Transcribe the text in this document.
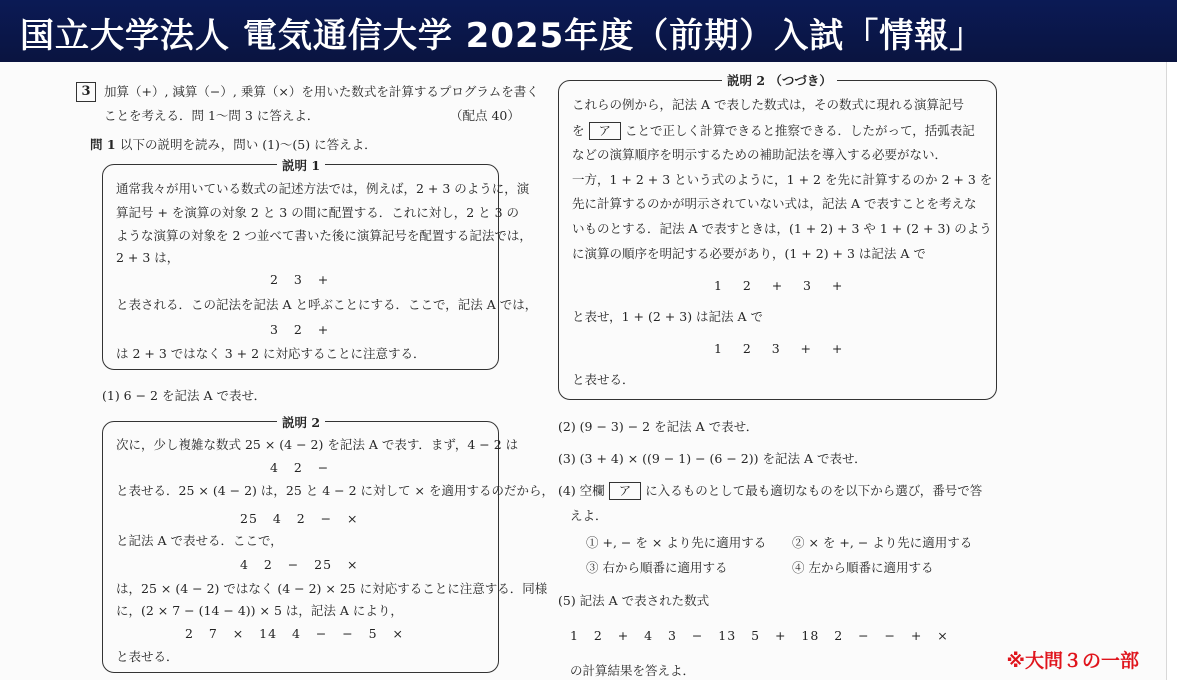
国立大学法人 電気通信大学 2025年度（前期）入試「情報」
3	加算（+）, 減算（−）, 乗算（×）を用いた数式を計算するプログラムを書く
ことを考える．問 1〜問 3 に答えよ．	（配点 40）
問 1 以下の説明を読み，問い (1)〜(5) に答えよ．
説明 1
通常我々が用いている数式の記述方法では，例えば，2 + 3 のように，演
算記号 + を演算の対象 2 と 3 の間に配置する．これに対し，2 と 3 の
ような演算の対象を 2 つ並べて書いた後に演算記号を配置する記法では，
2 + 3 は，
2   3   +
と表される．この記法を記法 A と呼ぶことにする．ここで，記法 A では，
3   2   +
は 2 + 3 ではなく 3 + 2 に対応することに注意する．
(1) 6 − 2 を記法 A で表せ．
説明 2
次に，少し複雑な数式 25 × (4 − 2) を記法 A で表す．まず，4 − 2 は
4   2   −
と表せる．25 × (4 − 2) は，25 と 4 − 2 に対して × を適用するのだから，
25   4   2   −   ×
と記法 A で表せる．ここで，
4   2   −   25   ×
は，25 × (4 − 2) ではなく (4 − 2) × 25 に対応することに注意する．同様
に，(2 × 7 − (14 − 4)) × 5 は，記法 A により，
2   7   ×   14   4   −   −   5   ×
と表せる．
説明 2 （つづき）
これらの例から，記法 A で表した数式は，その数式に現れる演算記号
を ア ことで正しく計算できると推察できる．したがって，括弧表記
などの演算順序を明示するための補助記法を導入する必要がない．
一方，1 + 2 + 3 という式のように，1 + 2 を先に計算するのか 2 + 3 を
先に計算するのかが明示されていない式は，記法 A で表すことを考えな
いものとする．記法 A で表すときは，(1 + 2) + 3 や 1 + (2 + 3) のよう
に演算の順序を明記する必要があり，(1 + 2) + 3 は記法 A で
1    2    +    3    +
と表せ，1 + (2 + 3) は記法 A で
1    2    3    +    +
と表せる．
(2) (9 − 3) − 2 を記法 A で表せ．
(3) (3 + 4) × ((9 − 1) − (6 − 2)) を記法 A で表せ．
(4) 空欄 ア に入るものとして最も適切なものを以下から選び，番号で答
えよ．
① +, − を × より先に適用する ② × を +, − より先に適用する
③ 右から順番に適用する	④ 左から順番に適用する
(5) 記法 A で表された数式
1   2   +   4   3   −   13   5   +   18   2   −   −   +   ×
の計算結果を答えよ．	※大問３の一部
